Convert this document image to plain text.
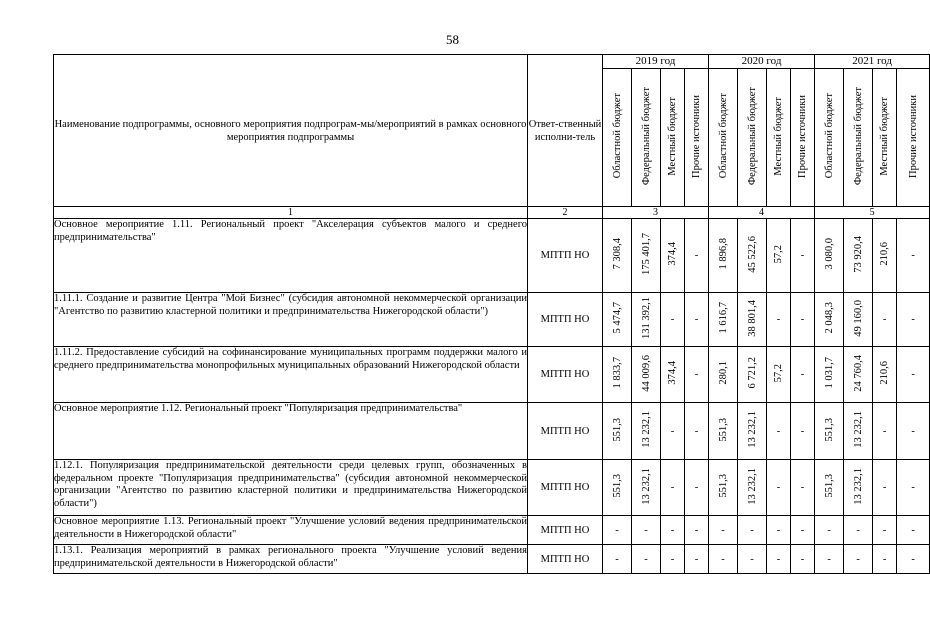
58
Наименование подпрограммы, основного мероприятия подпрограм-мы/мероприятий в рамках основного мероприятия подпрограммы	Ответ-ственный исполни-тель	2019 год				2020 год				2021 год			
		Областной бюджет	Федеральный бюджет	Местный бюджет	Прочие источники	Областной бюджет	Федеральный бюджет	Местный бюджет	Прочие источники	Областной бюджет	Федеральный бюджет	Местный бюджет	Прочие источники
1	2	3				4				5			
Основное мероприятие 1.11. Региональный проект "Акселерация субъектов малого и среднего предпринимательства"	МПТП НО	7 308,4	175 401,7	374,4	-	1 896,8	45 522,6	57,2	-	3 080,0	73 920,4	210,6	-
1.11.1. Создание и развитие Центра "Мой Бизнес" (субсидия автономной некоммерческой организации "Агентство по развитию кластерной политики и предпринимательства Нижегородской области")	МПТП НО	5 474,7	131 392,1	-	-	1 616,7	38 801,4	-	-	2 048,3	49 160,0	-	-
1.11.2. Предоставление субсидий на софинансирование муниципальных программ поддержки малого и среднего предпринимательства монопрофильных муниципальных образований Нижегородской области	МПТП НО	1 833,7	44 009,6	374,4	-	280,1	6 721,2	57,2	-	1 031,7	24 760,4	210,6	-
Основное мероприятие 1.12. Региональный проект "Популяризация предпринимательства"	МПТП НО	551,3	13 232,1	-	-	551,3	13 232,1	-	-	551,3	13 232,1	-	-
1.12.1. Популяризация предпринимательской деятельности среди целевых групп, обозначенных в федеральном проекте "Популяризация предпринимательства" (субсидия автономной некоммерческой организации "Агентство по развитию кластерной политики и предпринимательства Нижегородской области")	МПТП НО	551,3	13 232,1	-	-	551,3	13 232,1	-	-	551,3	13 232,1	-	-
Основное мероприятие 1.13. Региональный проект "Улучшение условий ведения предпринимательской деятельности в Нижегородской области"	МПТП НО	-	-	-	-	-	-	-	-	-	-	-	-
1.13.1. Реализация мероприятий в рамках регионального проекта "Улучшение условий ведения предпринимательской деятельности в Нижегородской области"	МПТП НО	-	-	-	-	-	-	-	-	-	-	-	-
